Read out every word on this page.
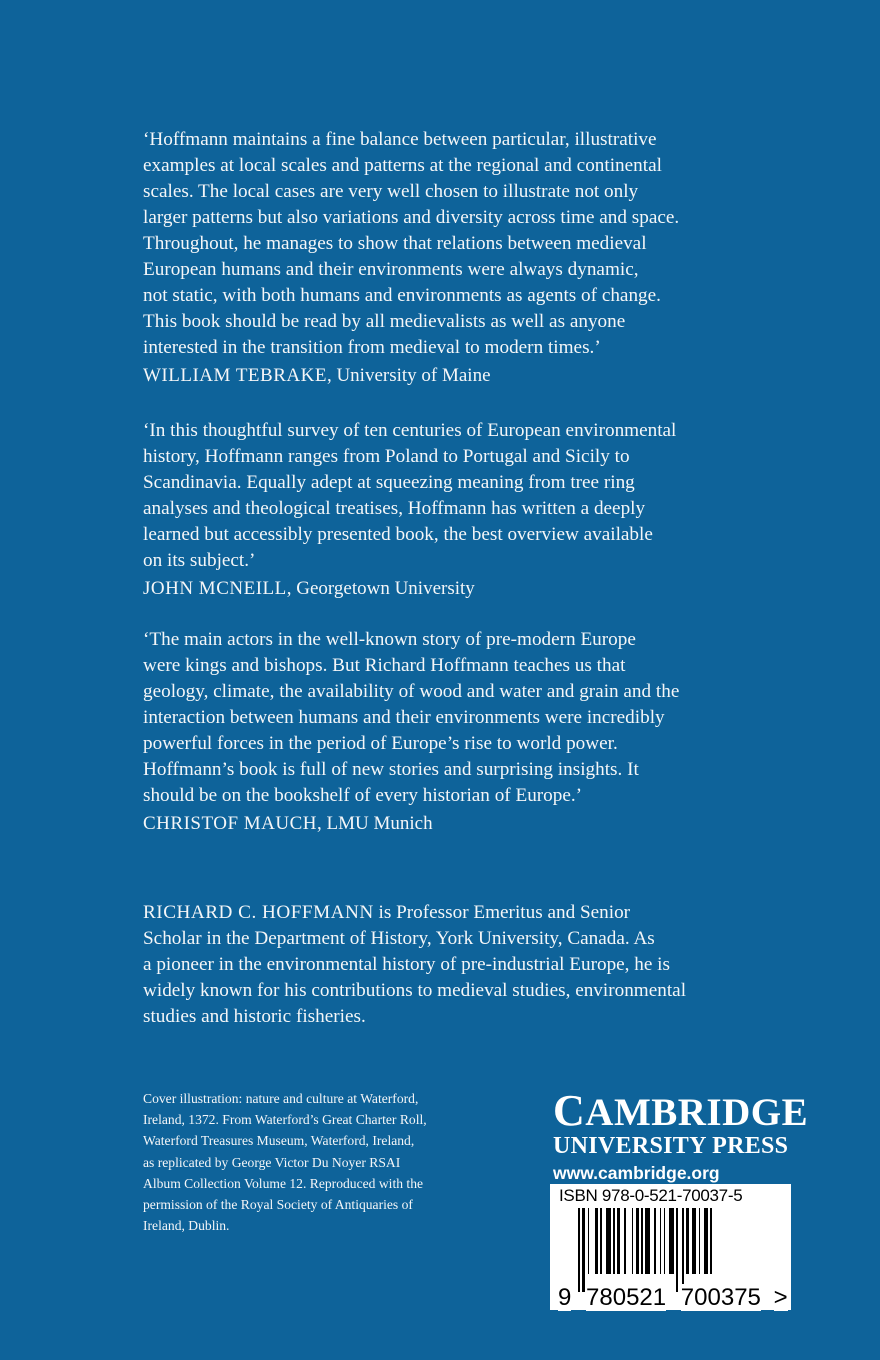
‘Hoffmann maintains a fine balance between particular, illustrative
examples at local scales and patterns at the regional and continental
scales. The local cases are very well chosen to illustrate not only
larger patterns but also variations and diversity across time and space.
Throughout, he manages to show that relations between medieval
European humans and their environments were always dynamic,
not static, with both humans and environments as agents of change.
This book should be read by all medievalists as well as anyone
interested in the transition from medieval to modern times.’
WILLIAM TEBRAKE, University of Maine
‘In this thoughtful survey of ten centuries of European environmental
history, Hoffmann ranges from Poland to Portugal and Sicily to
Scandinavia. Equally adept at squeezing meaning from tree ring
analyses and theological treatises, Hoffmann has written a deeply
learned but accessibly presented book, the best overview available
on its subject.’
JOHN MCNEILL, Georgetown University
‘The main actors in the well-known story of pre-modern Europe
were kings and bishops. But Richard Hoffmann teaches us that
geology, climate, the availability of wood and water and grain and the
interaction between humans and their environments were incredibly
powerful forces in the period of Europe’s rise to world power.
Hoffmann’s book is full of new stories and surprising insights. It
should be on the bookshelf of every historian of Europe.’
CHRISTOF MAUCH, LMU Munich
RICHARD C. HOFFMANN is Professor Emeritus and Senior
Scholar in the Department of History, York University, Canada. As
a pioneer in the environmental history of pre-industrial Europe, he is
widely known for his contributions to medieval studies, environmental
studies and historic fisheries.
Cover illustration: nature and culture at Waterford,
Ireland, 1372. From Waterford’s Great Charter Roll,
Waterford Treasures Museum, Waterford, Ireland,
as replicated by George Victor Du Noyer RSAI
Album Collection Volume 12. Reproduced with the
permission of the Royal Society of Antiquaries of
Ireland, Dublin.
CAMBRIDGE
UNIVERSITY PRESS
www.cambridge.org
ISBN 978-0-521-70037-5
9 780521 700375 >
